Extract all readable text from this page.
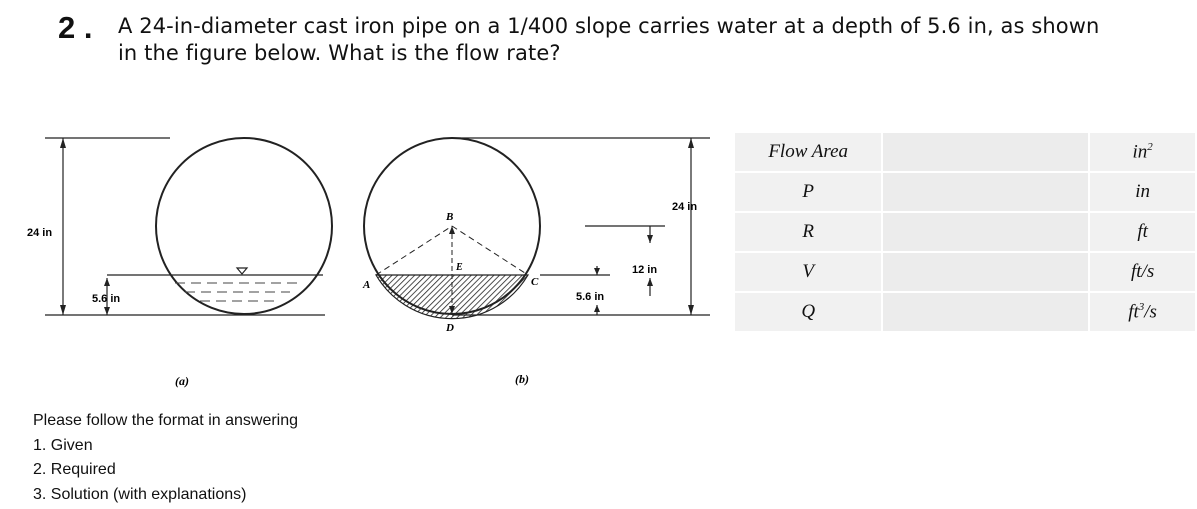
2 . A 24-in-diameter cast iron pipe on a 1/400 slope carries water at a depth of 5.6 in, as shown
in the figure below. What is the flow rate?
24 in
5.6 in
(a)
A
B
C
D
E
5.6 in
12 in
24 in
(b)
Flow Area		$in^2$
P		in
R		ft
V		ft/s
Q		$ft^3/s$
Please follow the format in answering
1. Given
2. Required
3. Solution (with explanations)
